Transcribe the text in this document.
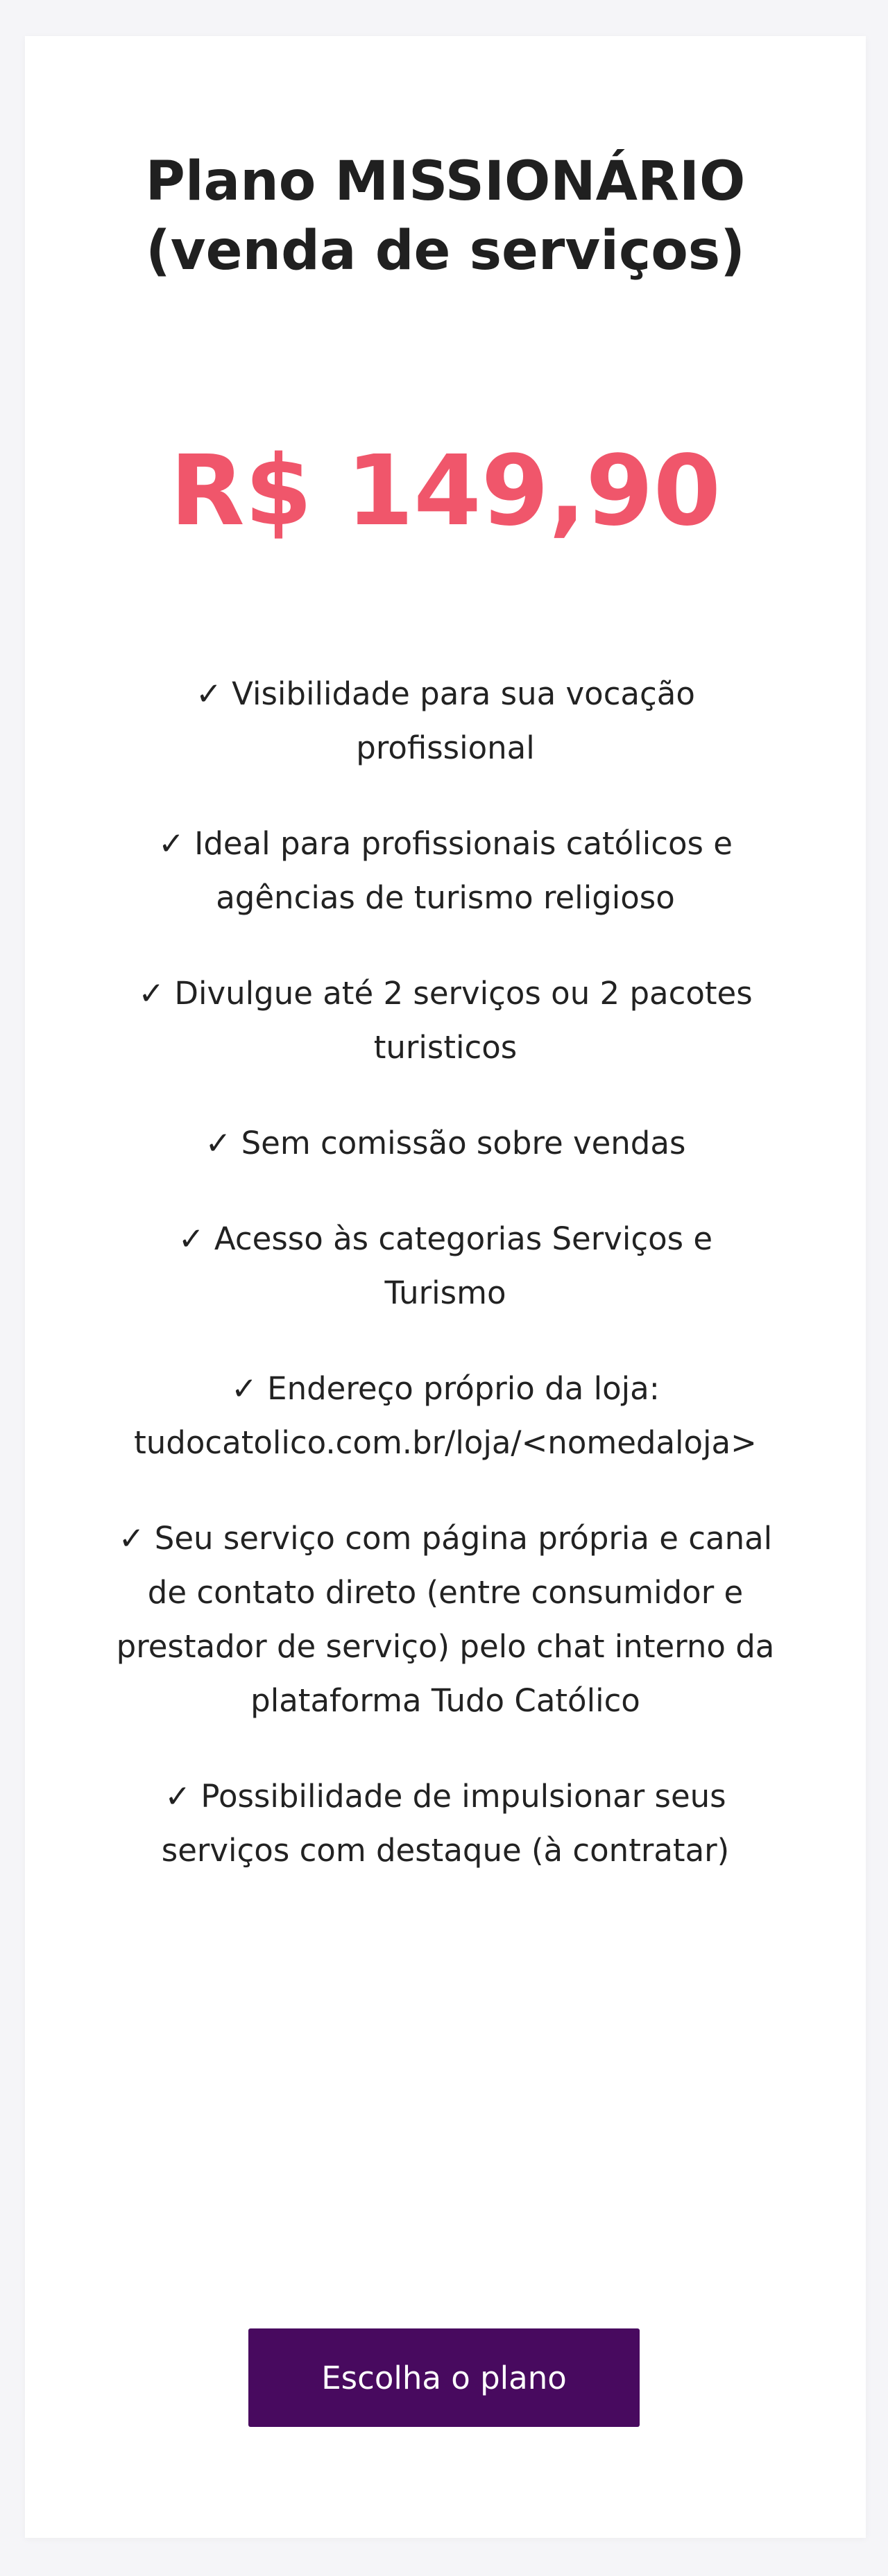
Plano MISSIONÁRIO
(venda de serviços)
R$ 149,90
✓ Visibilidade para sua vocação profissional
✓ Ideal para profissionais católicos e agências de turismo religioso
✓ Divulgue até 2 serviços ou 2 pacotes turisticos
✓ Sem comissão sobre vendas
✓ Acesso às categorias Serviços e Turismo
✓ Endereço próprio da loja: tudocatolico.com.br/loja/<nomedaloja>
✓ Seu serviço com página própria e canal de contato direto (entre consumidor e prestador de serviço) pelo chat interno da plataforma Tudo Católico
✓ Possibilidade de impulsionar seus serviços com destaque (à contratar)
Escolha o plano
